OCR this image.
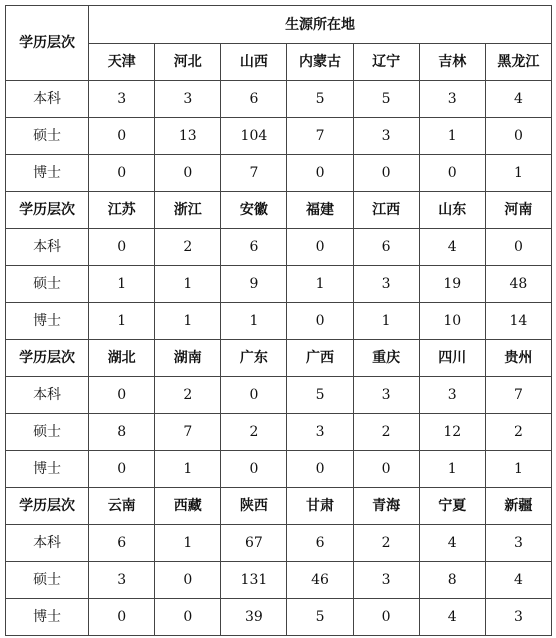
学历层次	生源所在地						
	天津	河北	山西	内蒙古	辽宁	吉林	黑龙江
本科	3	3	6	5	5	3	4
硕士	0	13	104	7	3	1	0
博士	0	0	7	0	0	0	1
学历层次	江苏	浙江	安徽	福建	江西	山东	河南
本科	0	2	6	0	6	4	0
硕士	1	1	9	1	3	19	48
博士	1	1	1	0	1	10	14
学历层次	湖北	湖南	广东	广西	重庆	四川	贵州
本科	0	2	0	5	3	3	7
硕士	8	7	2	3	2	12	2
博士	0	1	0	0	0	1	1
学历层次	云南	西藏	陕西	甘肃	青海	宁夏	新疆
本科	6	1	67	6	2	4	3
硕士	3	0	131	46	3	8	4
博士	0	0	39	5	0	4	3
